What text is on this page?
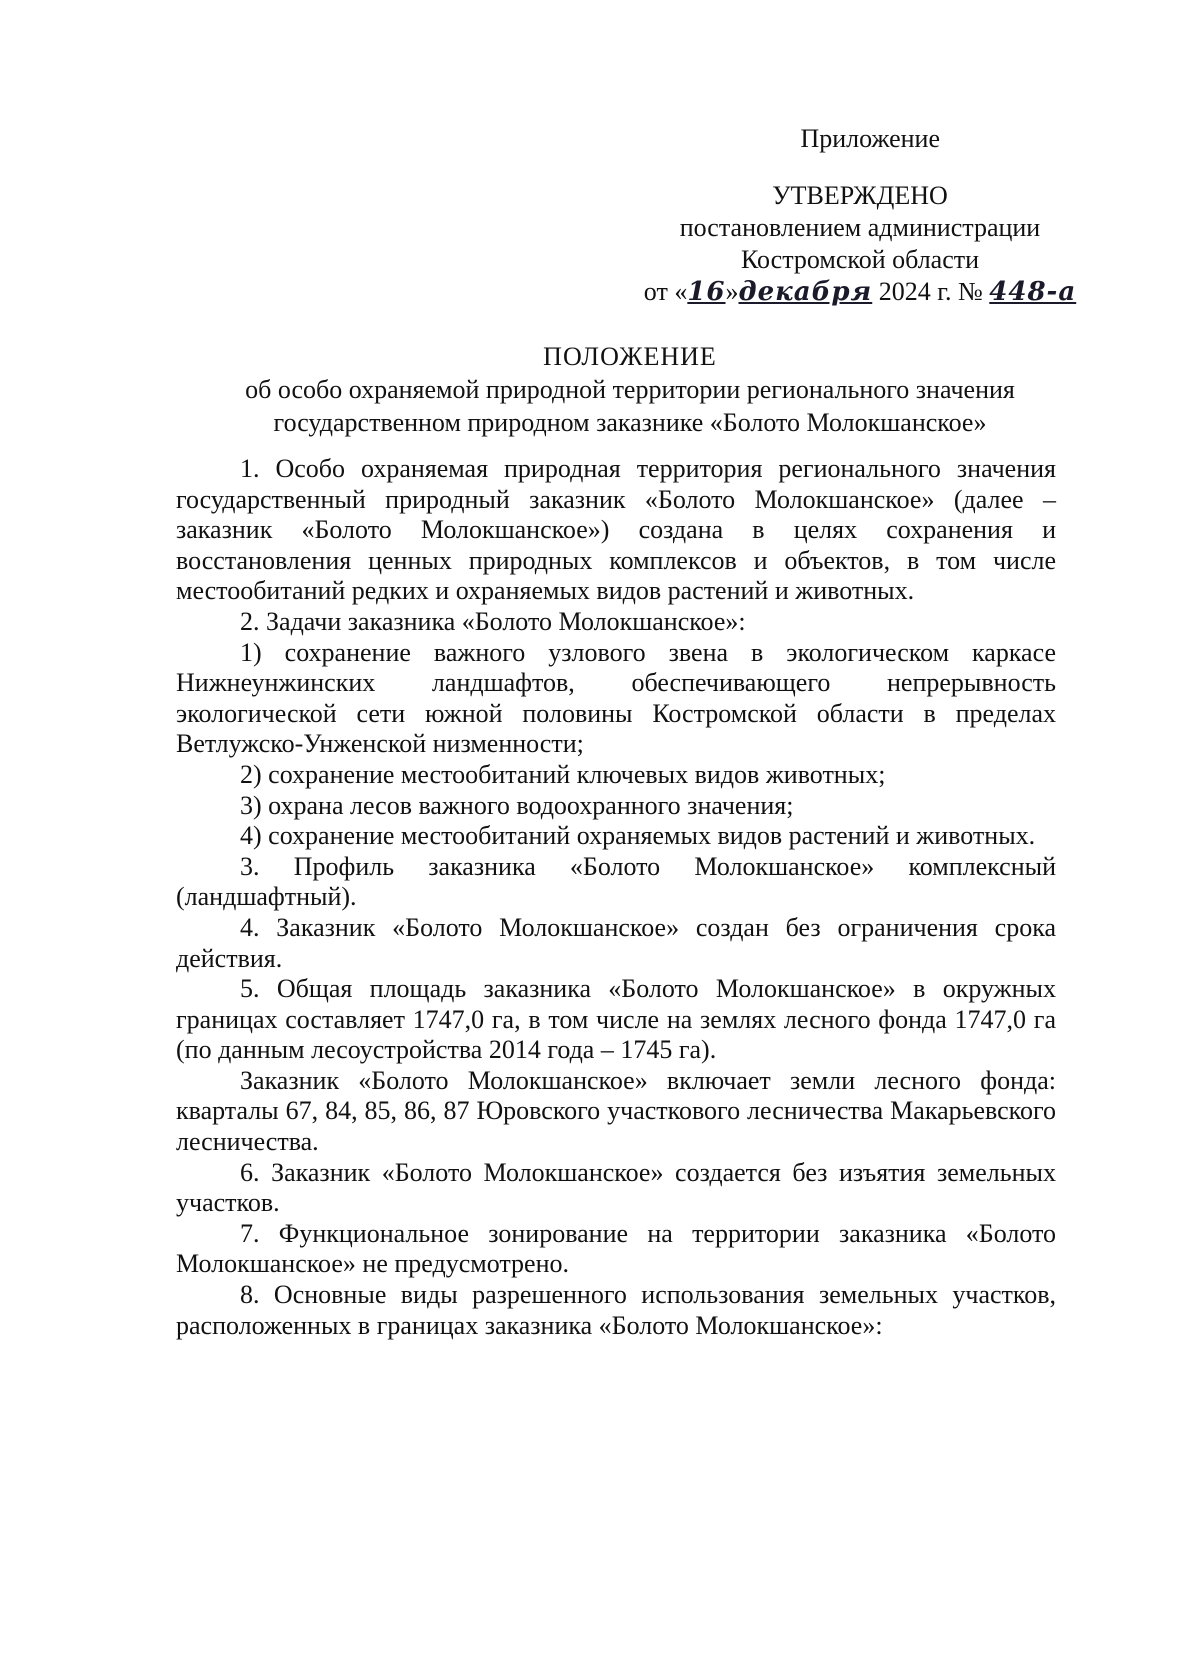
Приложение
УТВЕРЖДЕНО
постановлением администрации
Костромской области
от «16»декабря 2024 г. № 448-а
ПОЛОЖЕНИЕ
об особо охраняемой природной территории регионального значения
государственном природном заказнике «Болото Молокшанское»

1. Особо охраняемая природная территория регионального значения государственный природный заказник «Болото Молокшанское» (далее – заказник «Болото Молокшанское») создана в целях сохранения и восстановления ценных природных комплексов и объектов, в том числе местообитаний редких и охраняемых видов растений и животных.

2. Задачи заказника «Болото Молокшанское»:

1) сохранение важного узлового звена в экологическом каркасе Нижнеунжинских ландшафтов, обеспечивающего непрерывность экологической сети южной половины Костромской области в пределах Ветлужско-Унженской низменности;

2) сохранение местообитаний ключевых видов животных;

3) охрана лесов важного водоохранного значения;

4) сохранение местообитаний охраняемых видов растений и животных.

3. Профиль заказника «Болото Молокшанское» комплексный (ландшафтный).

4. Заказник «Болото Молокшанское» создан без ограничения срока действия.

5. Общая площадь заказника «Болото Молокшанское» в окружных границах составляет 1747,0 га, в том числе на землях лесного фонда 1747,0 га (по данным лесоустройства 2014 года – 1745 га).

Заказник «Болото Молокшанское» включает земли лесного фонда: кварталы 67, 84, 85, 86, 87 Юровского участкового лесничества Макарьевского лесничества.

6. Заказник «Болото Молокшанское» создается без изъятия земельных участков.

7. Функциональное зонирование на территории заказника «Болото Молокшанское» не предусмотрено.

8. Основные виды разрешенного использования земельных участков, расположенных в границах заказника «Болото Молокшанское»:
